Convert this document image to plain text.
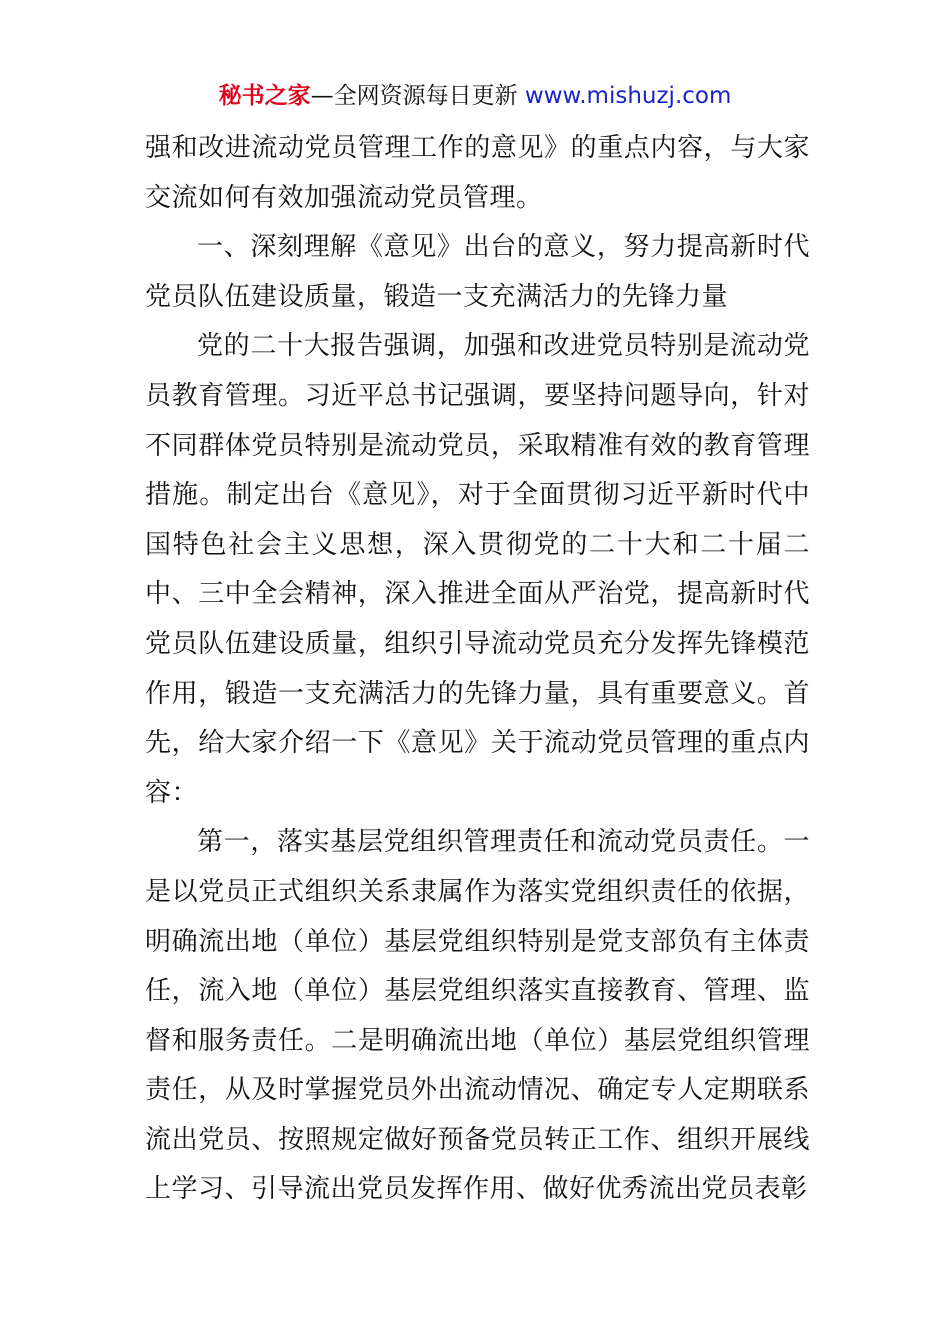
秘书之家—全网资源每日更新 www.mishuzj.com

强和改进流动党员管理工作的意见》的重点内容，与大家交流如何有效加强流动党员管理。

一、深刻理解《意见》出台的意义，努力提高新时代党员队伍建设质量，锻造一支充满活力的先锋力量

党的二十大报告强调，加强和改进党员特别是流动党员教育管理。习近平总书记强调，要坚持问题导向，针对不同群体党员特别是流动党员，采取精准有效的教育管理措施。制定出台《意见》，对于全面贯彻习近平新时代中国特色社会主义思想，深入贯彻党的二十大和二十届二中、三中全会精神，深入推进全面从严治党，提高新时代党员队伍建设质量，组织引导流动党员充分发挥先锋模范作用，锻造一支充满活力的先锋力量，具有重要意义。首先，给大家介绍一下《意见》关于流动党员管理的重点内容：

第一，落实基层党组织管理责任和流动党员责任。一是以党员正式组织关系隶属作为落实党组织责任的依据，明确流出地（单位）基层党组织特别是党支部负有主体责任，流入地（单位）基层党组织落实直接教育、管理、监督和服务责任。二是明确流出地（单位）基层党组织管理责任，从及时掌握党员外出流动情况、确定专人定期联系流出党员、按照规定做好预备党员转正工作、组织开展线上学习、引导流出党员发挥作用、做好优秀流出党员表彰
